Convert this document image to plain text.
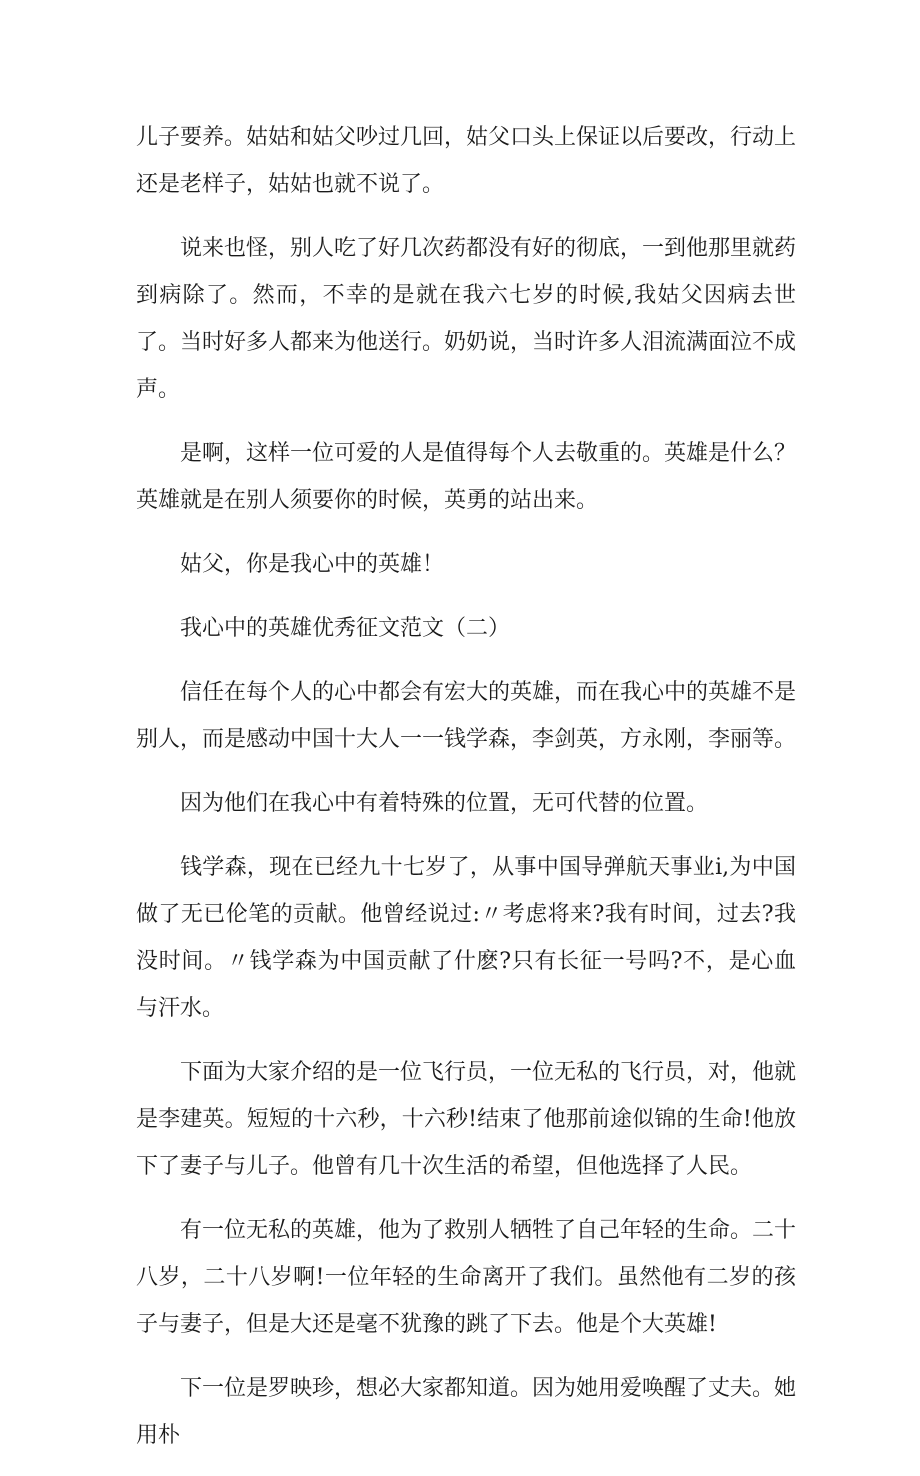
儿子要养。姑姑和姑父吵过几回，姑父口头上保证以后要改，行动上还是老样子，姑姑也就不说了。

说来也怪，别人吃了好几次药都没有好的彻底，一到他那里就药到病除了。然而，不幸的是就在我六七岁的时候,我姑父因病去世了。当时好多人都来为他送行。奶奶说，当时许多人泪流满面泣不成声。

是啊，这样一位可爱的人是值得每个人去敬重的。英雄是什么？英雄就是在别人须要你的时候，英勇的站出来。

姑父，你是我心中的英雄！

我心中的英雄优秀征文范文（二）

信任在每个人的心中都会有宏大的英雄，而在我心中的英雄不是别人，而是感动中国十大人一一钱学森，李剑英，方永刚，李丽等。

因为他们在我心中有着特殊的位置，无可代替的位置。

钱学森，现在已经九十七岁了，从事中国导弹航天事业i,为中国做了无已伦笔的贡献。他曾经说过:〃考虑将来?我有时间，过去?我没时间。〃钱学森为中国贡献了什麽?只有长征一号吗?不，是心血与汗水。

下面为大家介绍的是一位飞行员，一位无私的飞行员，对，他就是李建英。短短的十六秒，十六秒!结束了他那前途似锦的生命!他放下了妻子与儿子。他曾有几十次生活的希望，但他选择了人民。

有一位无私的英雄，他为了救别人牺牲了自己年轻的生命。二十八岁，二十八岁啊!一位年轻的生命离开了我们。虽然他有二岁的孩子与妻子，但是大还是毫不犹豫的跳了下去。他是个大英雄!

下一位是罗映珍，想必大家都知道。因为她用爱唤醒了丈夫。她用朴
